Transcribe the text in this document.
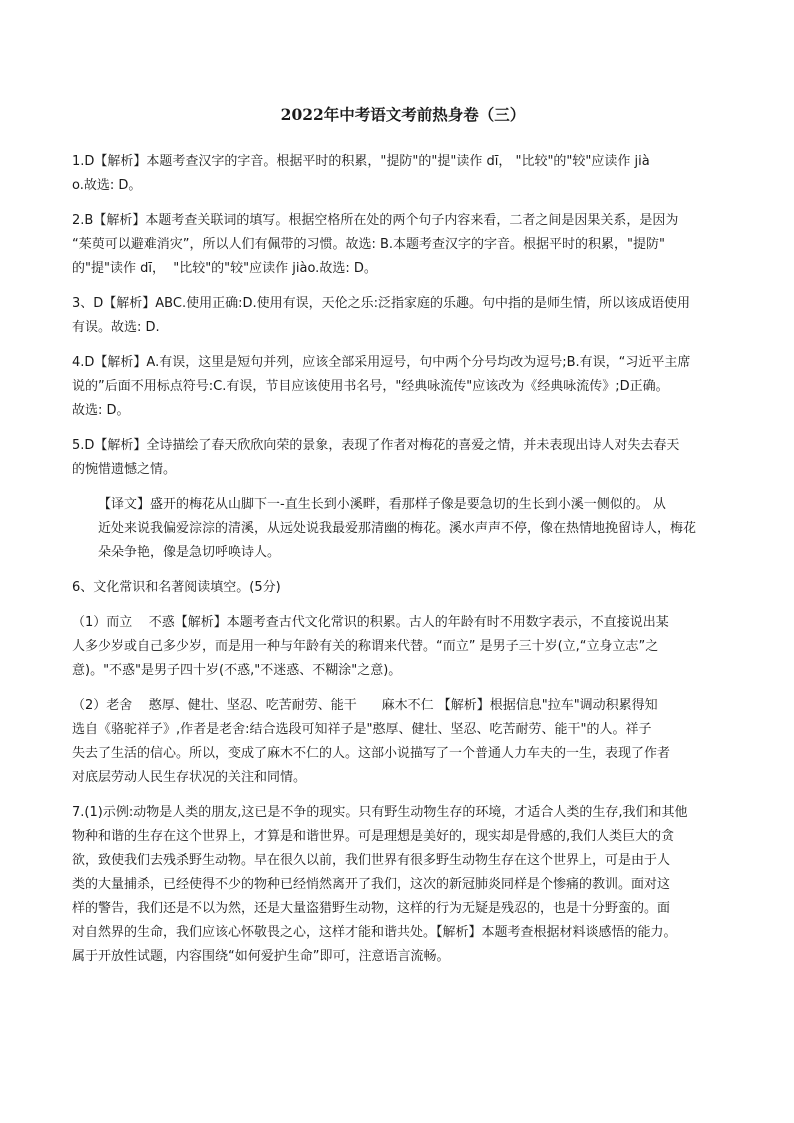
2022年中考语文考前热身卷（三）
1.D【解析】本题考查汉字的字音。根据平时的积累，"提防"的"提"读作 dī， "比较"的"较"应读作 jià
o.故选: D。
2.B【解析】本题考查关联词的填写。根据空格所在处的两个句子内容来看，二者之间是因果关系，是因为
“茱萸可以避难消灾”，所以人们有佩带的习惯。故选: B.本题考查汉字的字音。根据平时的积累，"提防"
的"提"读作 dī，  "比较"的"较"应读作 jiào.故选: D。
3、D【解析】ABC.使用正确:D.使用有误，天伦之乐:泛指家庭的乐趣。句中指的是师生情，所以该成语使用
有误。故选: D.
4.D【解析】A.有误，这里是短句并列，应该全部采用逗号，句中两个分号均改为逗号;B.有误，“习近平主席
说的”后面不用标点符号:C.有误，节目应该使用书名号，"经典咏流传"应该改为《经典咏流传》;D正确。
故选: D。
5.D【解析】全诗描绘了春天欣欣向荣的景象，表现了作者对梅花的喜爱之情，并未表现出诗人对失去春天
的惋惜遗憾之情。
【译文】盛开的梅花从山脚下一-直生长到小溪畔，看那样子像是要急切的生长到小溪一侧似的。 从
近处来说我偏爱淙淙的清溪，从远处说我最爱那清幽的梅花。溪水声声不停，像在热情地挽留诗人，梅花
朵朵争艳，像是急切呼唤诗人。
6、文化常识和名著阅读填空。(5分)
（1）而立    不惑【解析】本题考查古代文化常识的积累。古人的年龄有时不用数字表示，不直接说出某
人多少岁或自己多少岁，而是用一种与年龄有关的称谓来代替。“而立” 是男子三十岁(立,“立身立志”之
意)。"不惑"是男子四十岁(不惑,"不迷惑、不糊涂"之意)。
（2）老舍    憨厚、健壮、坚忍、吃苦耐劳、能干      麻木不仁 【解析】根据信息"拉车"调动积累得知
选自《骆驼祥子》,作者是老舍:结合选段可知祥子是"憨厚、健壮、坚忍、吃苦耐劳、能干"的人。祥子
失去了生活的信心。所以，变成了麻木不仁的人。这部小说描写了一个普通人力车夫的一生，表现了作者
对底层劳动人民生存状况的关注和同情。
7.(1)示例:动物是人类的朋友,这已是不争的现实。只有野生动物生存的环境，才适合人类的生存,我们和其他
物种和谐的生存在这个世界上，才算是和谐世界。可是理想是美好的，现实却是骨感的,我们人类巨大的贪
欲，致使我们去残杀野生动物。早在很久以前，我们世界有很多野生动物生存在这个世界上，可是由于人
类的大量捕杀，已经使得不少的物种已经悄然离开了我们，这次的新冠肺炎同样是个惨痛的教训。面对这
样的警告，我们还是不以为然，还是大量盗猎野生动物，这样的行为无疑是残忍的，也是十分野蛮的。面
对自然界的生命，我们应该心怀敬畏之心，这样才能和谐共处。【解析】本题考查根据材料谈感悟的能力。
属于开放性试题，内容围绕“如何爱护生命”即可，注意语言流畅。
